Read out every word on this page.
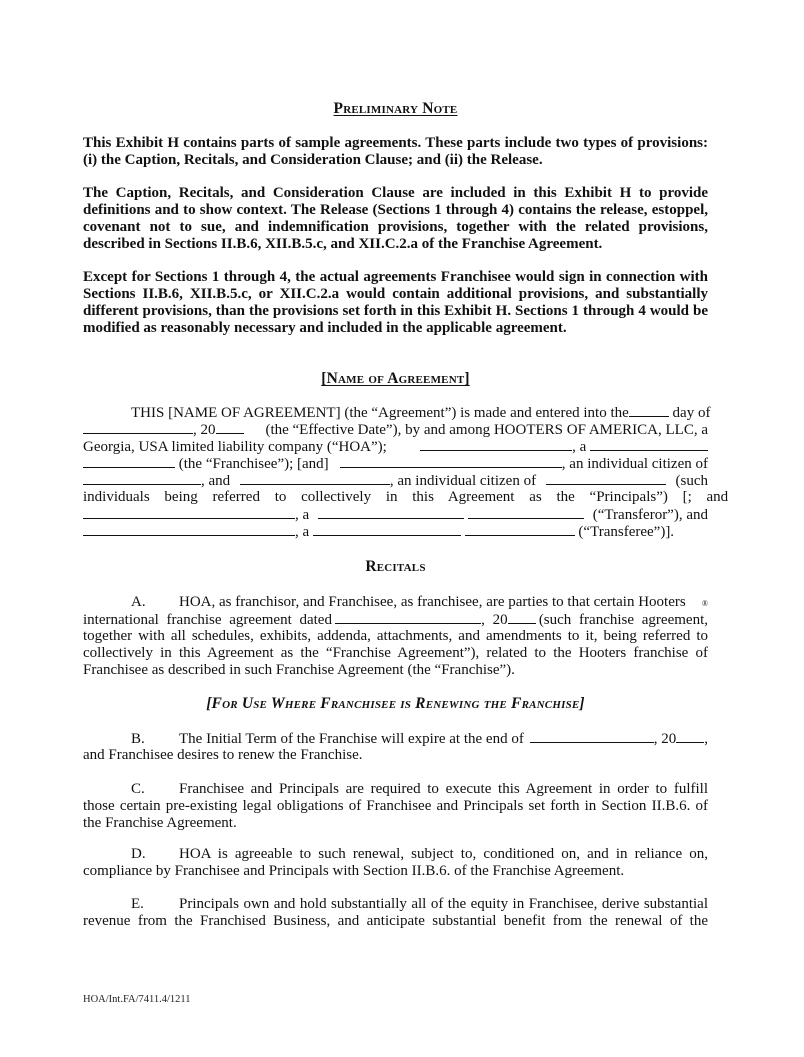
Preliminary Note
This Exhibit H contains parts of sample agreements. These parts include two types of provisions: (i) the Caption, Recitals, and Consideration Clause; and (ii) the Release.
The Caption, Recitals, and Consideration Clause are included in this Exhibit H to provide definitions and to show context. The Release (Sections 1 through 4) contains the release, estoppel, covenant not to sue, and indemnification provisions, together with the related provisions, described in Sections II.B.6, XII.B.5.c, and XII.C.2.a of the Franchise Agreement.
Except for Sections 1 through 4, the actual agreements Franchisee would sign in connection with Sections II.B.6, XII.B.5.c, or XII.C.2.a would contain additional provisions, and substantially different provisions, than the provisions set forth in this Exhibit H. Sections 1 through 4 would be modified as reasonably necessary and included in the applicable agreement.
[Name of Agreement]
THIS [NAME OF AGREEMENT] (the “Agreement”) is made and entered into the	day of
, 20	(the “Effective Date”), by and among HOOTERS OF AMERICA, LLC, a
Georgia, USA limited liability company (“HOA”);	, a
(the “Franchisee”); [and]	, an individual citizen of
, and	, an individual citizen of	(such
individuals being referred to collectively in this Agreement as the “Principals”) [; and
, a
	(“Transferor”), and
, a	(“Transferee”)].
Recitals
A. HOA, as franchisor, and Franchisee, as franchisee, are parties to that certain Hooters ®
international franchise agreement dated	, 20	(such franchise agreement,
together with all schedules, exhibits, addenda, attachments, and amendments to it, being referred to collectively in this Agreement as the “Franchise Agreement”), related to the Hooters franchise of Franchisee as described in such Franchise Agreement (the “Franchise”).
[For Use Where Franchisee is Renewing the Franchise]
B. The Initial Term of the Franchise will expire at the end of	, 20 ,
and Franchisee desires to renew the Franchise.
C. Franchisee and Principals are required to execute this Agreement in order to fulfill those certain pre-existing legal obligations of Franchisee and Principals set forth in Section II.B.6. of the Franchise Agreement.
D. HOA is agreeable to such renewal, subject to, conditioned on, and in reliance on, compliance by Franchisee and Principals with Section II.B.6. of the Franchise Agreement.
E. Principals own and hold substantially all of the equity in Franchisee, derive substantial revenue from the Franchised Business, and anticipate substantial benefit from the renewal of the
HOA/Int.FA/7411.4/1211
